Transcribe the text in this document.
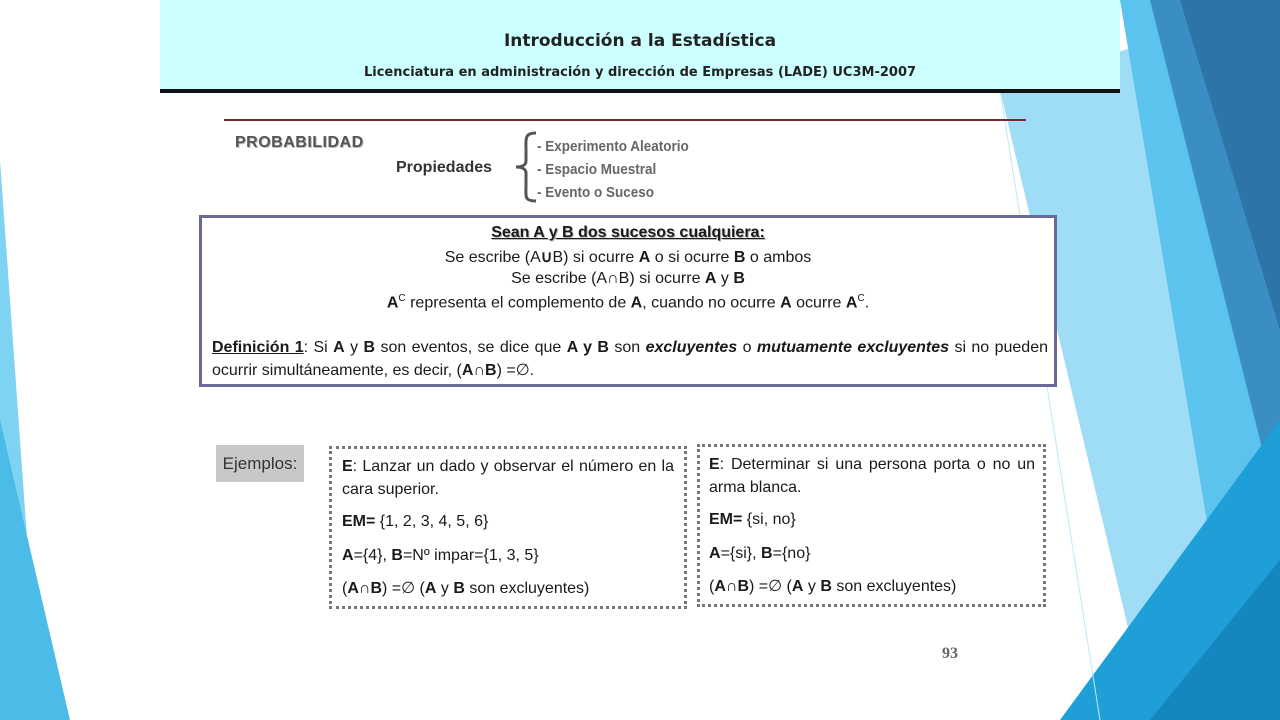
Introducción a la Estadística
Licenciatura en administración y dirección de Empresas (LADE) UC3M-2007
PROBABILIDAD
Propiedades
- Experimento Aleatorio
- Espacio Muestral
- Evento o Suceso
Sean A y B dos sucesos cualquiera:
Se escribe (A∪B) si ocurre A o si ocurre B o ambos
Se escribe (A∩B) si ocurre A y B
$A^C$ representa el complemento de A, cuando no ocurre A ocurre $A^C$.
Definición 1: Si A y B son eventos, se dice que A y B son excluyentes o mutuamente excluyentes si no pueden ocurrir simultáneamente, es decir, (A∩B) =∅.
Ejemplos:	E: Lanzar un dado y observar el número en la cara superior.
EM= {1, 2, 3, 4, 5, 6}
A={4}, B=Nº impar={1, 3, 5}
(A∩B) =∅ (A y B son excluyentes)
E: Determinar si una persona porta o no un arma blanca.
EM= {si, no}
A={si}, B={no}
(A∩B) =∅ (A y B son excluyentes)
93
